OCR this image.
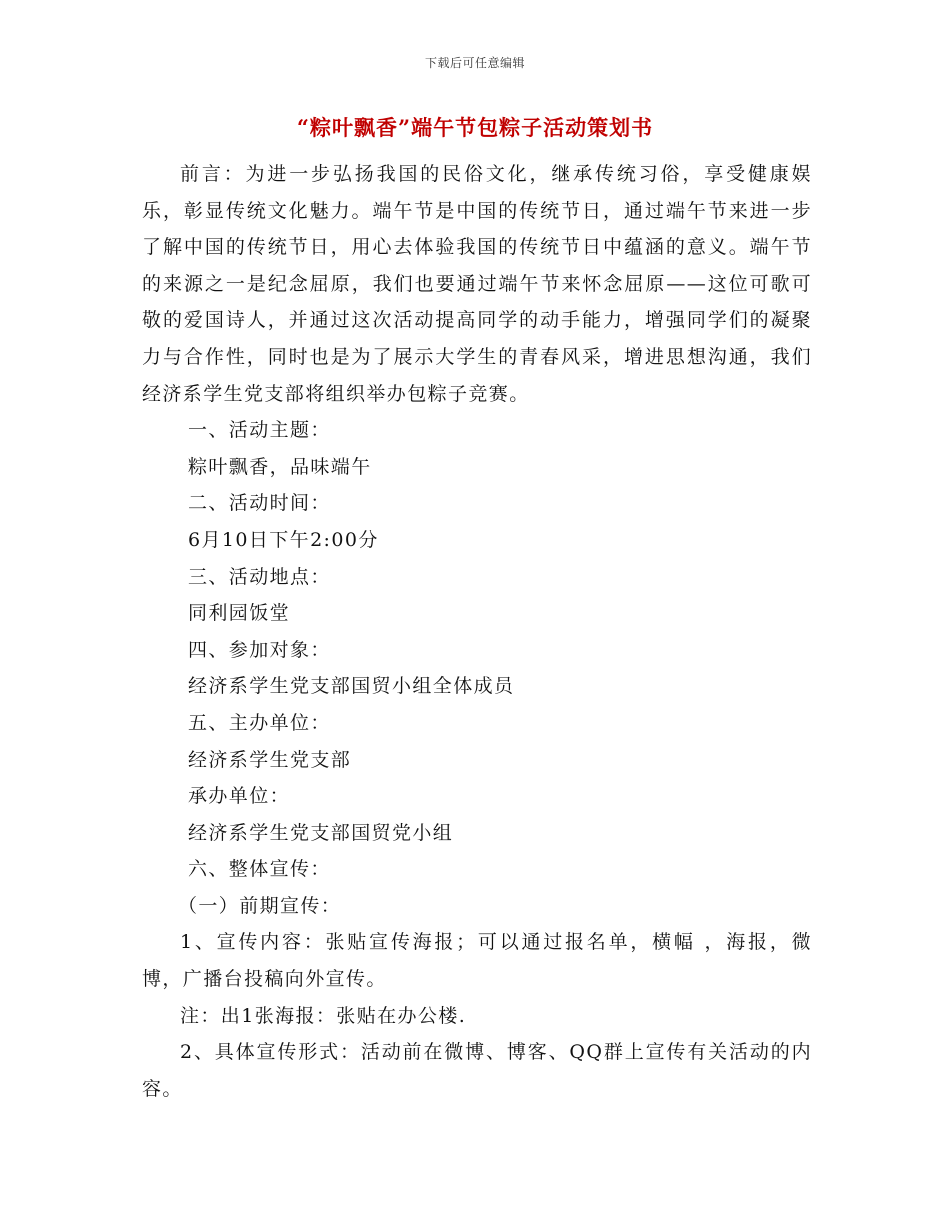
下载后可任意编辑
“粽叶飘香”端午节包粽子活动策划书

前言：为进一步弘扬我国的民俗文化，继承传统习俗，享受健康娱乐，彰显传统文化魅力。端午节是中国的传统节日，通过端午节来进一步了解中国的传统节日，用心去体验我国的传统节日中蕴涵的意义。端午节的来源之一是纪念屈原，我们也要通过端午节来怀念屈原——这位可歌可敬的爱国诗人，并通过这次活动提高同学的动手能力，增强同学们的凝聚力与合作性，同时也是为了展示大学生的青春风采，增进思想沟通，我们经济系学生党支部将组织举办包粽子竞赛。

一、活动主题：

粽叶飘香，品味端午

二、活动时间：

6月10日下午2:00分

三、活动地点：

同利园饭堂

四、参加对象：

经济系学生党支部国贸小组全体成员

五、主办单位：

经济系学生党支部

承办单位：

经济系学生党支部国贸党小组

六、整体宣传：

（一）前期宣传：

1、宣传内容：张贴宣传海报；可以通过报名单，横幅 ，海报，微博，广播台投稿向外宣传。

注：出1张海报：张贴在办公楼.

2、具体宣传形式：活动前在微博、博客、QQ群上宣传有关活动的内容。
